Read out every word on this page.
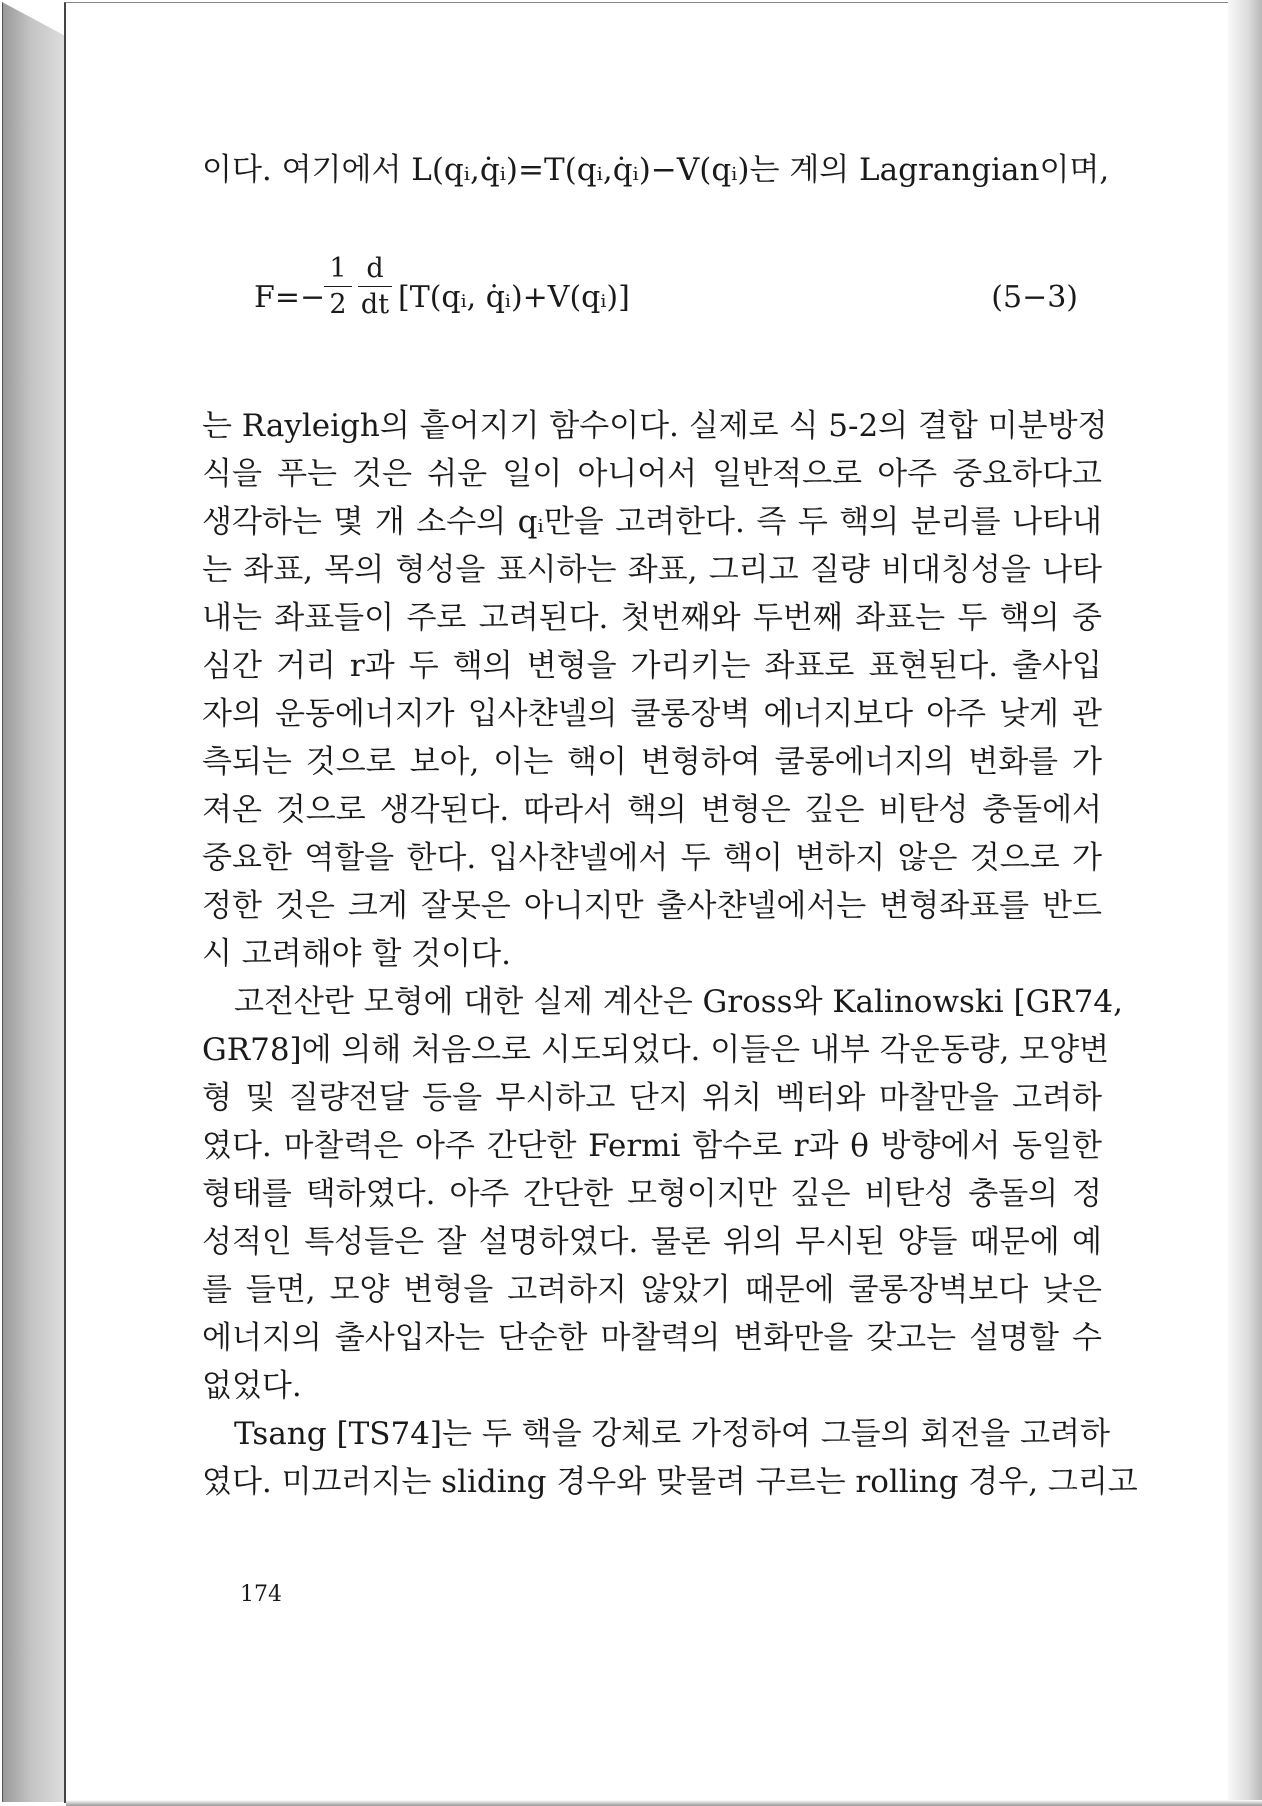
이다. 여기에서 L(qᵢ,q̇ᵢ)=T(qᵢ,q̇ᵢ)−V(qᵢ)는 계의 Lagrangian이며,
F=−
$\frac{1}{2} \frac{d}{dt}$ [T(qᵢ, q̇ᵢ)+V(qᵢ)]	(5−3)
는 Rayleigh의 흩어지기 함수이다. 실제로 식 5-2의 결합 미분방정
식을 푸는 것은 쉬운 일이 아니어서 일반적으로 아주 중요하다고
생각하는 몇 개 소수의 qᵢ만을 고려한다. 즉 두 핵의 분리를 나타내
는 좌표, 목의 형성을 표시하는 좌표, 그리고 질량 비대칭성을 나타
내는 좌표들이 주로 고려된다. 첫번째와 두번째 좌표는 두 핵의 중
심간 거리 r과 두 핵의 변형을 가리키는 좌표로 표현된다. 출사입
자의 운동에너지가 입사챤넬의 쿨롱장벽 에너지보다 아주 낮게 관
측되는 것으로 보아, 이는 핵이 변형하여 쿨롱에너지의 변화를 가
져온 것으로 생각된다. 따라서 핵의 변형은 깊은 비탄성 충돌에서
중요한 역할을 한다. 입사챤넬에서 두 핵이 변하지 않은 것으로 가
정한 것은 크게 잘못은 아니지만 출사챤넬에서는 변형좌표를 반드
시 고려해야 할 것이다.
고전산란 모형에 대한 실제 계산은 Gross와 Kalinowski [GR74,
GR78]에 의해 처음으로 시도되었다. 이들은 내부 각운동량, 모양변
형 및 질량전달 등을 무시하고 단지 위치 벡터와 마찰만을 고려하
였다. 마찰력은 아주 간단한 Fermi 함수로 r과 θ 방향에서 동일한
형태를 택하였다. 아주 간단한 모형이지만 깊은 비탄성 충돌의 정
성적인 특성들은 잘 설명하였다. 물론 위의 무시된 양들 때문에 예
를 들면, 모양 변형을 고려하지 않았기 때문에 쿨롱장벽보다 낮은
에너지의 출사입자는 단순한 마찰력의 변화만을 갖고는 설명할 수
없었다.
Tsang [TS74]는 두 핵을 강체로 가정하여 그들의 회전을 고려하
였다. 미끄러지는 sliding 경우와 맞물려 구르는 rolling 경우, 그리고
174
